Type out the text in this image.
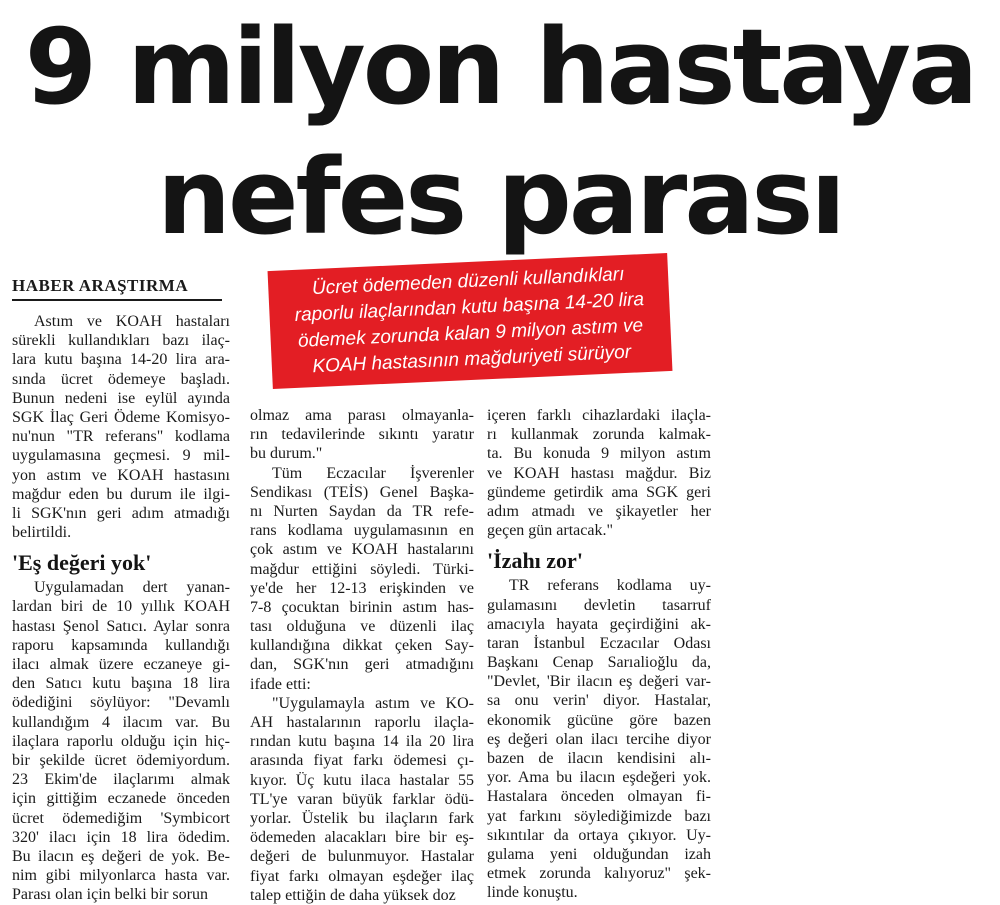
9 milyon hastaya
nefes parası
HABER ARAŞTIRMA	Ücret ödemeden düzenli kullandıkları
raporlu ilaçlarından kutu başına 14-20 lira
ödemek zorunda kalan 9 milyon astım ve
KOAH hastasının mağduriyeti sürüyor

Astım ve KOAH hastaları
sürekli kullandıkları bazı ilaç-
lara kutu başına 14-20 lira ara-
sında ücret ödemeye başladı.
Bunun nedeni ise eylül ayında
SGK İlaç Geri Ödeme Komisyo-
nu'nun "TR referans" kodlama
uygulamasına geçmesi. 9 mil-
yon astım ve KOAH hastasını
mağdur eden bu durum ile ilgi-
li SGK'nın geri adım atmadığı
belirtildi.
'Eş değeri yok'
Uygulamadan dert yanan-
lardan biri de 10 yıllık KOAH
hastası Şenol Satıcı. Aylar sonra
raporu kapsamında kullandığı
ilacı almak üzere eczaneye gi-
den Satıcı kutu başına 18 lira
ödediğini söylüyor: "Devamlı
kullandığım 4 ilacım var. Bu
ilaçlara raporlu olduğu için hiç-
bir şekilde ücret ödemiyordum.
23 Ekim'de ilaçlarımı almak
için gittiğim eczanede önceden
ücret ödemediğim 'Symbicort
320' ilacı için 18 lira ödedim.
Bu ilacın eş değeri de yok. Be-
nim gibi milyonlarca hasta var.
Parası olan için belki bir sorun
olmaz ama parası olmayanla-
rın tedavilerinde sıkıntı yaratır
bu durum."
Tüm Eczacılar İşverenler
Sendikası (TEİS) Genel Başka-
nı Nurten Saydan da TR refe-
rans kodlama uygulamasının en
çok astım ve KOAH hastalarını
mağdur ettiğini söyledi. Türki-
ye'de her 12-13 erişkinden ve
7-8 çocuktan birinin astım has-
tası olduğuna ve düzenli ilaç
kullandığına dikkat çeken Say-
dan, SGK'nın geri atmadığını
ifade etti:
"Uygulamayla astım ve KO-
AH hastalarının raporlu ilaçla-
rından kutu başına 14 ila 20 lira
arasında fiyat farkı ödemesi çı-
kıyor. Üç kutu ilaca hastalar 55
TL'ye varan büyük farklar ödü-
yorlar. Üstelik bu ilaçların fark
ödemeden alacakları bire bir eş-
değeri de bulunmuyor. Hastalar
fiyat farkı olmayan eşdeğer ilaç
talep ettiğin de daha yüksek doz
içeren farklı cihazlardaki ilaçla-
rı kullanmak zorunda kalmak-
ta. Bu konuda 9 milyon astım
ve KOAH hastası mağdur. Biz
gündeme getirdik ama SGK geri
adım atmadı ve şikayetler her
geçen gün artacak."
'İzahı zor'
TR referans kodlama uy-
gulamasını devletin tasarruf
amacıyla hayata geçirdiğini ak-
taran İstanbul Eczacılar Odası
Başkanı Cenap Sarıalioğlu da,
"Devlet, 'Bir ilacın eş değeri var-
sa onu verin' diyor. Hastalar,
ekonomik gücüne göre bazen
eş değeri olan ilacı tercihe diyor
bazen de ilacın kendisini alı-
yor. Ama bu ilacın eşdeğeri yok.
Hastalara önceden olmayan fi-
yat farkını söylediğimizde bazı
sıkıntılar da ortaya çıkıyor. Uy-
gulama yeni olduğundan izah
etmek zorunda kalıyoruz" şek-
linde konuştu.
